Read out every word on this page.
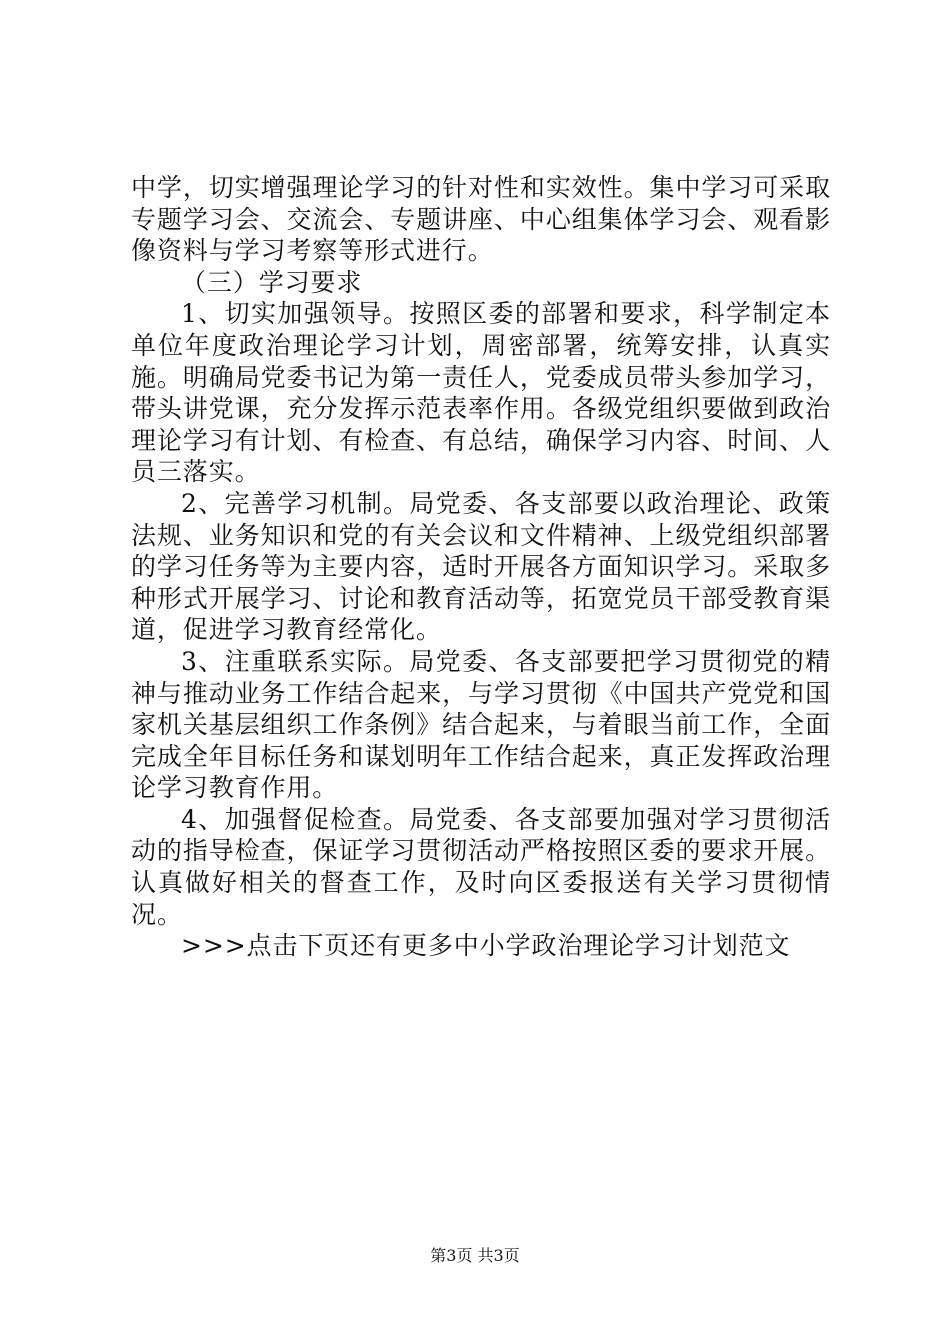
中学，切实增强理论学习的针对性和实效性。集中学习可采取专题学习会、交流会、专题讲座、中心组集体学习会、观看影像资料与学习考察等形式进行。

（三）学习要求

1、切实加强领导。按照区委的部署和要求，科学制定本单位年度政治理论学习计划，周密部署，统筹安排，认真实施。明确局党委书记为第一责任人，党委成员带头参加学习，带头讲党课，充分发挥示范表率作用。各级党组织要做到政治理论学习有计划、有检查、有总结，确保学习内容、时间、人员三落实。

2、完善学习机制。局党委、各支部要以政治理论、政策法规、业务知识和党的有关会议和文件精神、上级党组织部署的学习任务等为主要内容，适时开展各方面知识学习。采取多种形式开展学习、讨论和教育活动等，拓宽党员干部受教育渠道，促进学习教育经常化。

3、注重联系实际。局党委、各支部要把学习贯彻党的精神与推动业务工作结合起来，与学习贯彻《中国共产党党和国家机关基层组织工作条例》结合起来，与着眼当前工作，全面完成全年目标任务和谋划明年工作结合起来，真正发挥政治理论学习教育作用。

4、加强督促检查。局党委、各支部要加强对学习贯彻活动的指导检查，保证学习贯彻活动严格按照区委的要求开展。认真做好相关的督查工作，及时向区委报送有关学习贯彻情况。

>>>点击下页还有更多中小学政治理论学习计划范文

第3页 共3页
